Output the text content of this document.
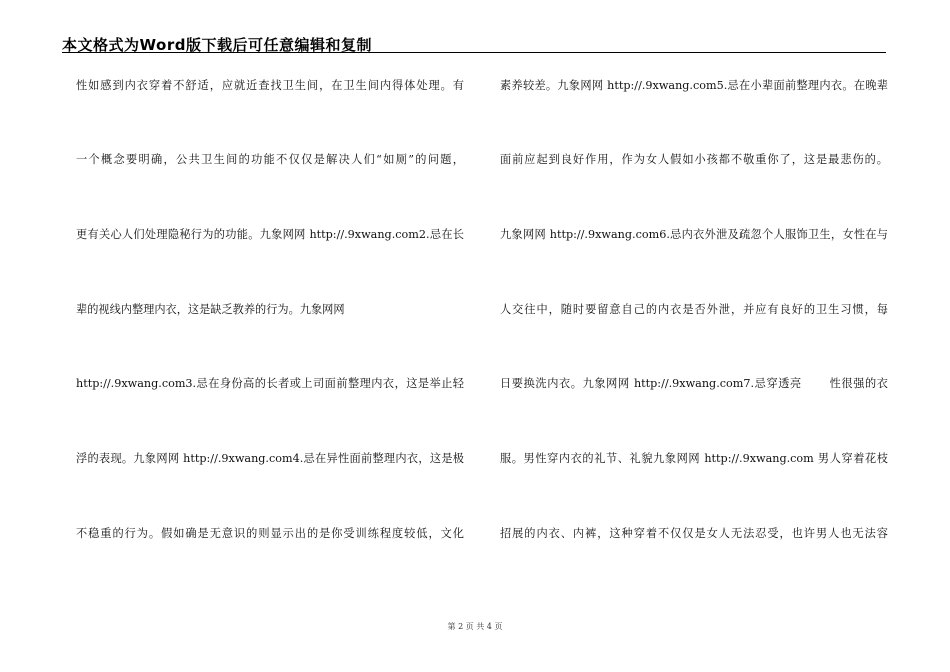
本文格式为Word版下载后可任意编辑和复制
性如感到内衣穿着不舒适，应就近查找卫生间，在卫生间内得体处理。有
一个概念要明确，公共卫生间的功能不仅仅是解决人们“如厕”的问题，
更有关心人们处理隐秘行为的功能。九象网网 http://.9xwang.com2.忌在长
辈的视线内整理内衣，这是缺乏教养的行为。九象网网
http://.9xwang.com3.忌在身份高的长者或上司面前整理内衣，这是举止轻
浮的表现。九象网网 http://.9xwang.com4.忌在异性面前整理内衣，这是极
不稳重的行为。假如确是无意识的则显示出的是你受训练程度较低，文化
素养较差。九象网网 http://.9xwang.com5.忌在小辈面前整理内衣。在晚辈
面前应起到良好作用，作为女人假如小孩都不敬重你了，这是最悲伤的。
九象网网 http://.9xwang.com6.忌内衣外泄及疏忽个人服饰卫生，女性在与
人交往中，随时要留意自己的内衣是否外泄，并应有良好的卫生习惯，每
日要换洗内衣。九象网网 http://.9xwang.com7.忌穿透亮　　 性很强的衣
服。男性穿内衣的礼节、礼貌九象网网 http://.9xwang.com 男人穿着花枝
招展的内衣、内裤，这种穿着不仅仅是女人无法忍受，也许男人也无法容
第 2 页 共 4 页
